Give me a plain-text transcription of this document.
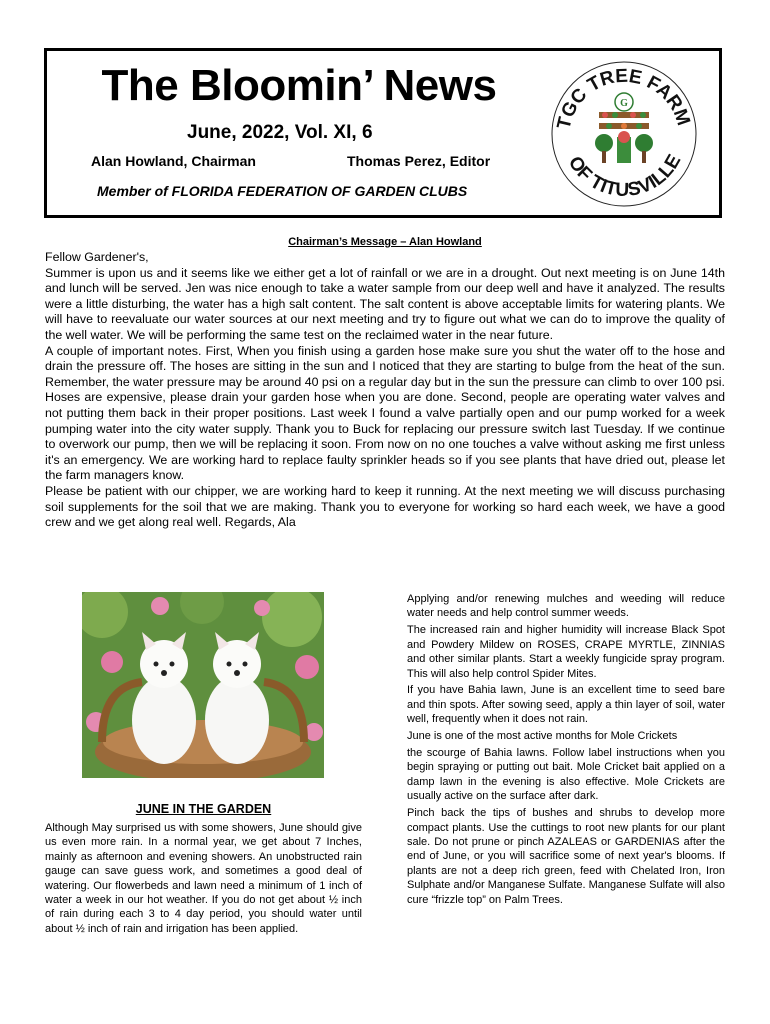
The Bloomin’ News
June, 2022, Vol. XI, 6
Alan Howland, Chairman	Thomas Perez, Editor
Member of FLORIDA FEDERATION OF GARDEN CLUBS
TGC TREE FARM
OF TITUSVILLE
G
Chairman’s Message – Alan Howland

Fellow Gardener's,

Summer is upon us and it seems like we either get a lot of rainfall or we are in a drought. Out next meeting is on June 14th and lunch will be served. Jen was nice enough to take a water sample from our deep well and have it analyzed. The results were a little disturbing, the water has a high salt content. The salt content is above acceptable limits for watering plants. We will have to reevaluate our water sources at our next meeting and try to figure out what we can do to improve the quality of the well water. We will be performing the same test on the reclaimed water in the near future.

A couple of important notes. First, When you finish using a garden hose make sure you shut the water off to the hose and drain the pressure off. The hoses are sitting in the sun and I noticed that they are starting to bulge from the heat of the sun. Remember, the water pressure may be around 40 psi on a regular day but in the sun the pressure can climb to over 100 psi. Hoses are expensive, please drain your garden hose when you are done. Second, people are operating water valves and not putting them back in their proper positions. Last week I found a valve partially open and our pump worked for a week pumping water into the city water supply. Thank you to Buck for replacing our pressure switch last Tuesday. If we continue to overwork our pump, then we will be replacing it soon. From now on no one touches a valve without asking me first unless it's an emergency. We are working hard to replace faulty sprinkler heads so if you see plants that have dried out, please let the farm managers know.

Please be patient with our chipper, we are working hard to keep it running. At the next meeting we will discuss purchasing soil supplements for the soil that we are making. Thank you to everyone for working so hard each week, we have a good crew and we get along real well. Regards, Ala

JUNE IN THE GARDEN

Although May surprised us with some showers, June should give us even more rain. In a normal year, we get about 7 Inches, mainly as afternoon and evening showers. An unobstructed rain gauge can save guess work, and sometimes a good deal of watering. Our flowerbeds and lawn need a minimum of 1 inch of water a week in our hot weather. If you do not get about ½ inch of rain during each 3 to 4 day period, you should water until about ½ inch of rain and irrigation has been applied.

Applying and/or renewing mulches and weeding will reduce water needs and help control summer weeds.

The increased rain and higher humidity will increase Black Spot and Powdery Mildew on ROSES, CRAPE MYRTLE, ZINNIAS and other similar plants. Start a weekly fungicide spray program. This will also help control Spider Mites.

If you have Bahia lawn, June is an excellent time to seed bare and thin spots. After sowing seed, apply a thin layer of soil, water well, frequently when it does not rain.

June is one of the most active months for Mole Crickets

the scourge of Bahia lawns. Follow label instructions when you begin spraying or putting out bait. Mole Cricket bait applied on a damp lawn in the evening is also effective. Mole Crickets are usually active on the surface after dark.

Pinch back the tips of bushes and shrubs to develop more compact plants. Use the cuttings to root new plants for our plant sale. Do not prune or pinch AZALEAS or GARDENIAS after the end of June, or you will sacrifice some of next year's blooms. If plants are not a deep rich green, feed with Chelated Iron, Iron Sulphate and/or Manganese Sulfate. Manganese Sulfate will also cure “frizzle top” on Palm Trees.
